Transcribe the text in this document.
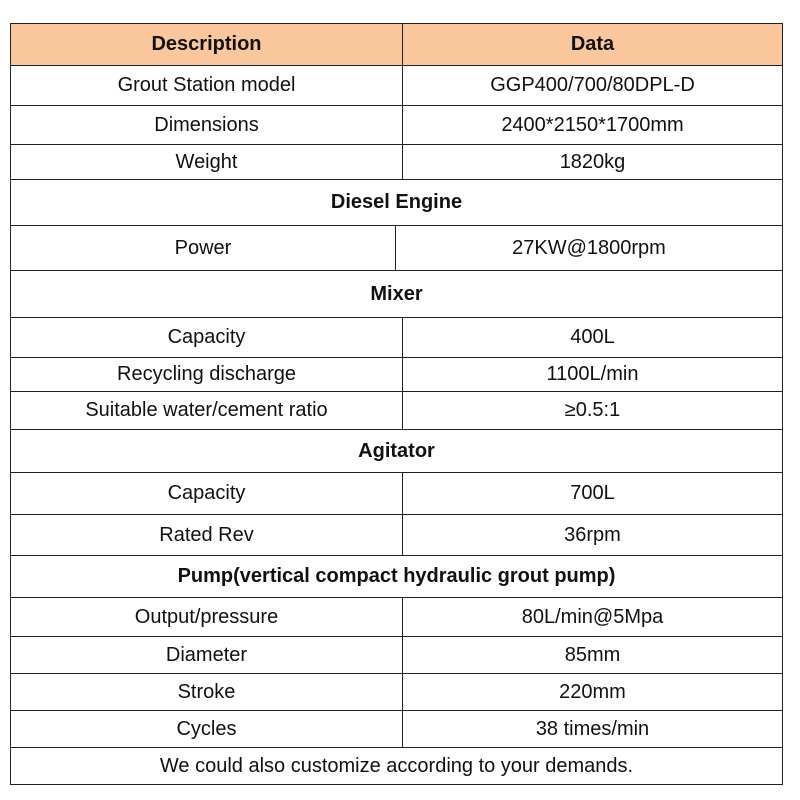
Description	Data
Grout Station model	GGP400/700/80DPL-D
Dimensions	2400*2150*1700mm
Weight	1820kg
Diesel Engine
Power	27KW@1800rpm
Mixer
Capacity	400L
Recycling discharge	1100L/min
Suitable water/cement ratio	≥0.5:1
Agitator
Capacity	700L
Rated Rev	36rpm
Pump(vertical compact hydraulic grout pump)
Output/pressure	80L/min@5Mpa
Diameter	85mm
Stroke	220mm
Cycles	38 times/min
We could also customize according to your demands.
